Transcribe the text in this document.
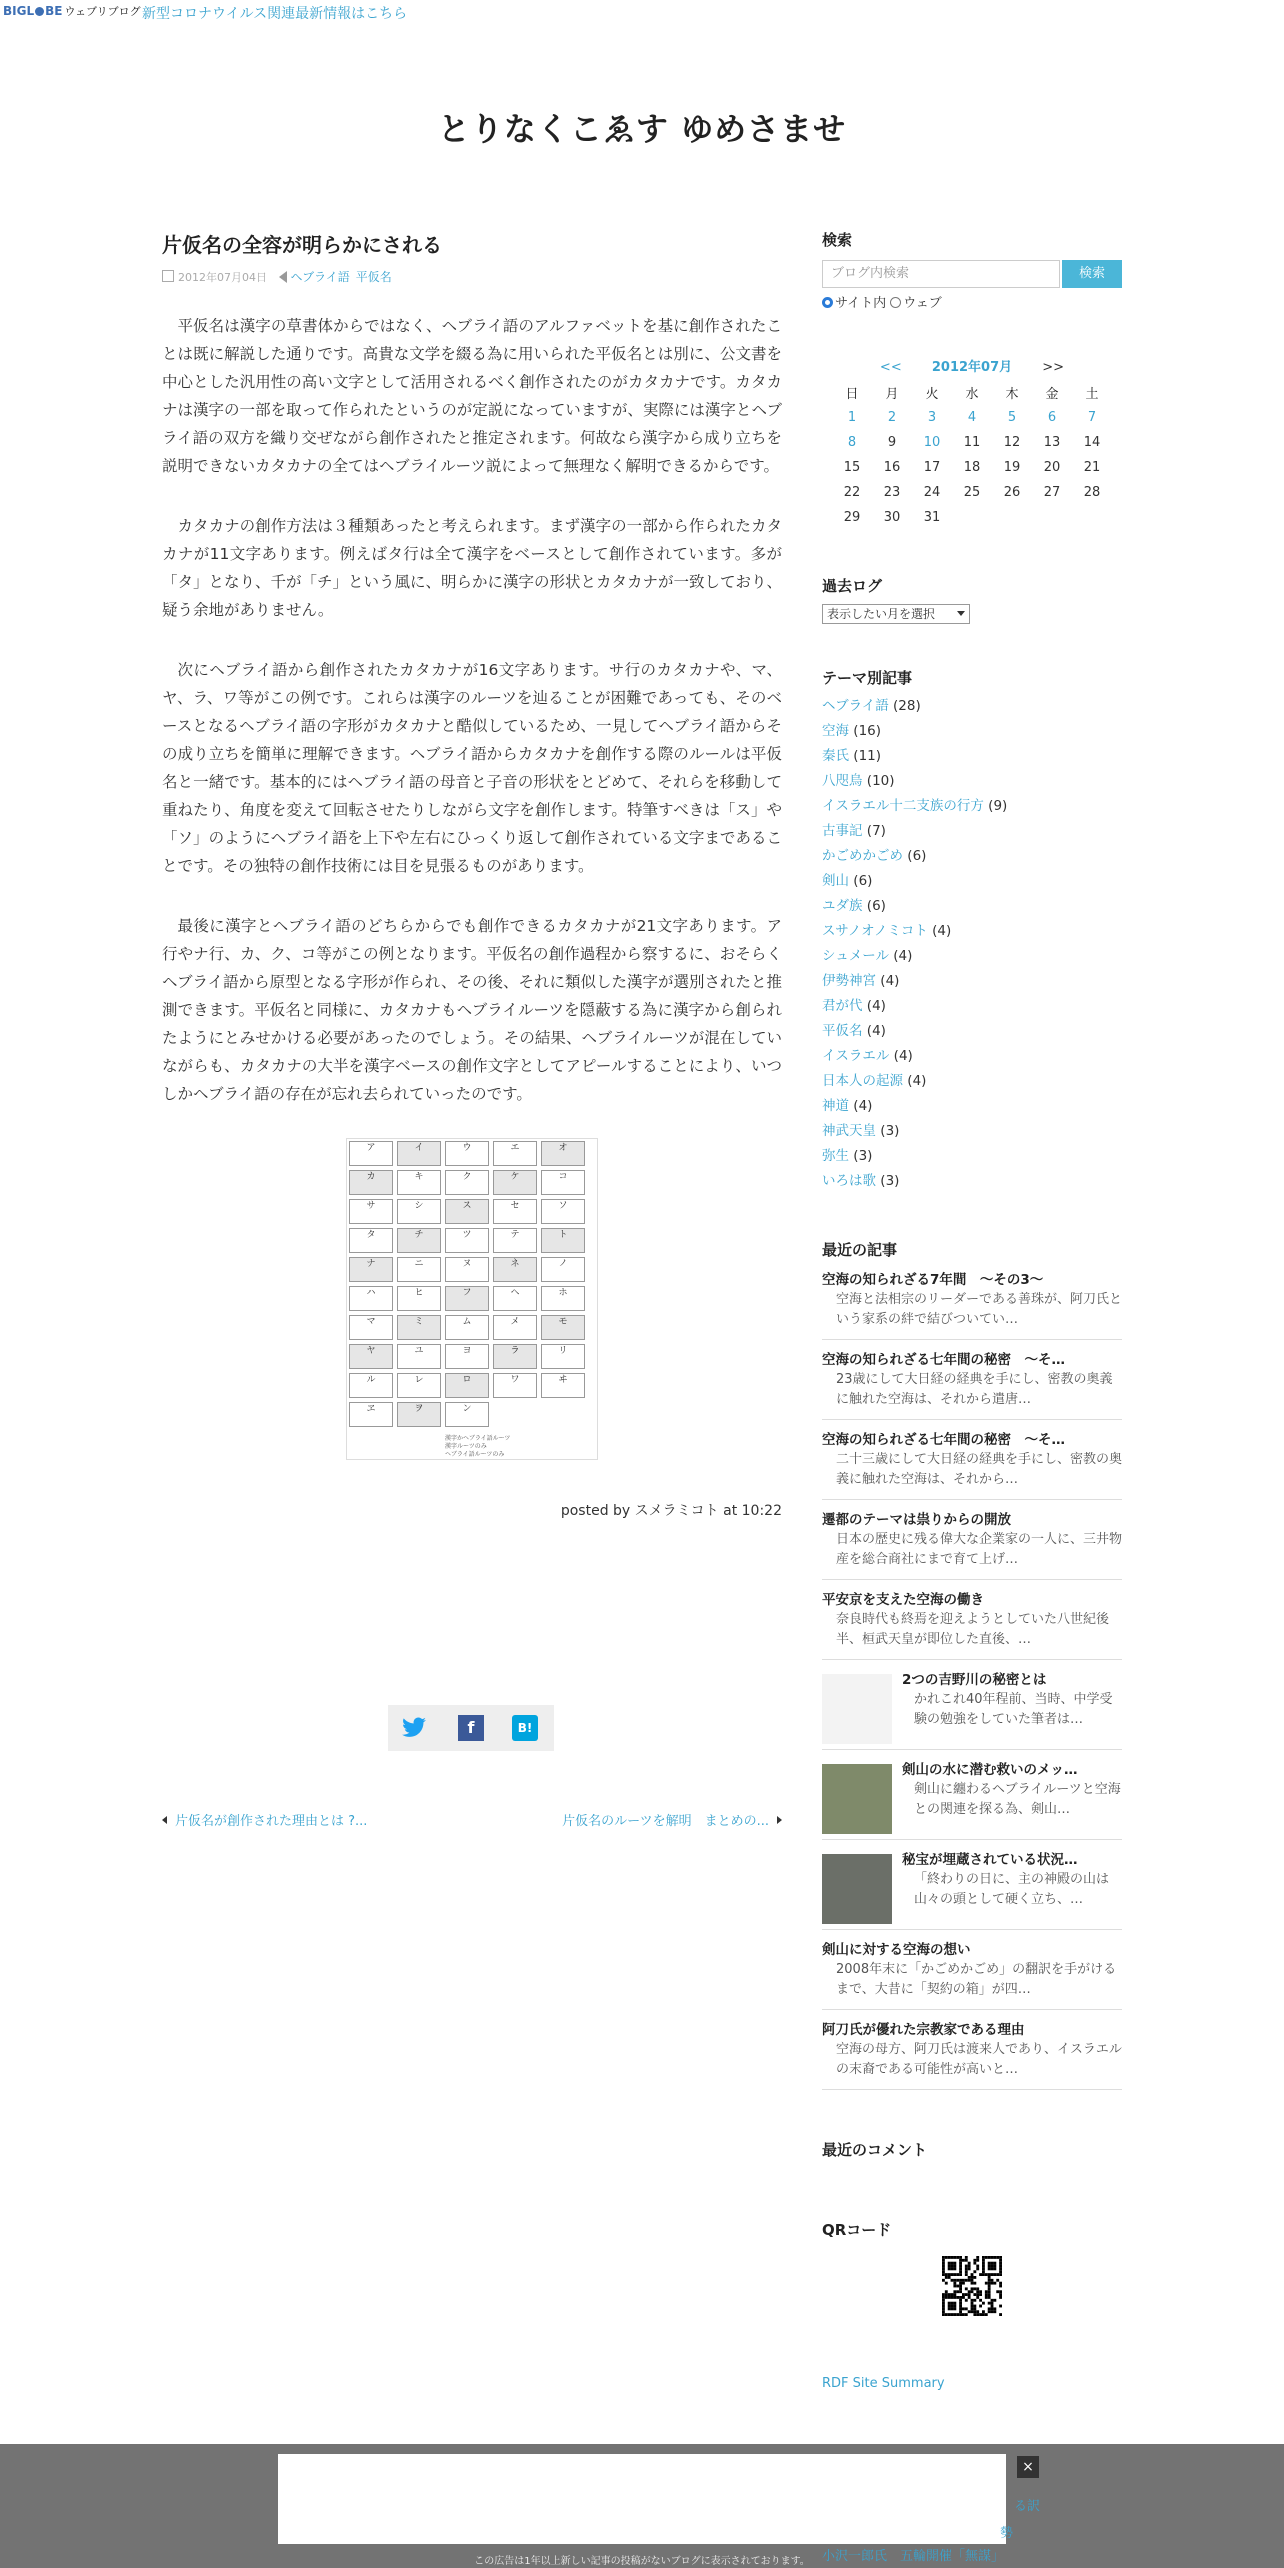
BIGL BE ウェブリブログ 新型コロナウイルス関連最新情報はこちら
とりなくこゑす ゆめさませ
片仮名の全容が明らかにされる
2012年07月04日 ヘブライ語 平仮名

平仮名は漢字の草書体からではなく、ヘブライ語のアルファベットを基に創作されたことは既に解説した通りです。高貴な文学を綴る為に用いられた平仮名とは別に、公文書を中心とした汎用性の高い文字として活用されるべく創作されたのがカタカナです。カタカナは漢字の一部を取って作られたというのが定説になっていますが、実際には漢字とヘブライ語の双方を織り交ぜながら創作されたと推定されます。何故なら漢字から成り立ちを説明できないカタカナの全てはヘブライルーツ説によって無理なく解明できるからです。

カタカナの創作方法は３種類あったと考えられます。まず漢字の一部から作られたカタカナが11文字あります。例えばタ行は全て漢字をベースとして創作されています。多が「タ」となり、千が「チ」という風に、明らかに漢字の形状とカタカナが一致しており、疑う余地がありません。

次にヘブライ語から創作されたカタカナが16文字あります。サ行のカタカナや、マ、ヤ、ラ、ワ等がこの例です。これらは漢字のルーツを辿ることが困難であっても、そのベースとなるヘブライ語の字形がカタカナと酷似しているため、一見してヘブライ語からその成り立ちを簡単に理解できます。ヘブライ語からカタカナを創作する際のルールは平仮名と一緒です。基本的にはヘブライ語の母音と子音の形状をとどめて、それらを移動して重ねたり、角度を変えて回転させたりしながら文字を創作します。特筆すべきは「ス」や「ソ」のようにヘブライ語を上下や左右にひっくり返して創作されている文字まであることです。その独特の創作技術には目を見張るものがあります。

最後に漢字とヘブライ語のどちらからでも創作できるカタカナが21文字あります。ア行やナ行、カ、ク、コ等がこの例となります。平仮名の創作過程から察するに、おそらくヘブライ語から原型となる字形が作られ、その後、それに類似した漢字が選別されたと推測できます。平仮名と同様に、カタカナもヘブライルーツを隠蔽する為に漢字から創られたようにとみせかける必要があったのでしょう。その結果、ヘブライルーツが混在していながらも、カタカナの大半を漢字ベースの創作文字としてアピールすることにより、いつしかヘブライ語の存在が忘れ去られていったのです。

漢字かヘブライ語ルーツ
漢字ルーツのみ
ヘブライ語ルーツのみ
ア	イ	ウ	エ	オ
カ	キ	ク	ケ	コ
サ	シ	ス	セ	ソ
タ	チ	ツ	テ	ト
ナ	ニ	ヌ	ネ	ノ
ハ	ヒ	フ	ヘ	ホ
マ	ミ	ム	メ	モ
ヤ	ユ	ヨ	ラ	リ
ル	レ	ロ	ワ	ヰ
ヱ	ヲ	ン
posted by スメラミコト at 10:22
f	B!
片仮名が創作された理由とは ?...	片仮名のルーツを解明　まとめの...
検索
ブログ内検索	検索
サイト内 ウェブ
<< 2012年07月 >>
日	月	火	水	木	金	土
1	2	3	4	5	6	7
8	9	10	11	12	13	14
15	16	17	18	19	20	21
22	23	24	25	26	27	28
29	30	31				
過去ログ
表示したい月を選択
テーマ別記事
ヘブライ語 (28)
空海 (16)
秦氏 (11)
八咫烏 (10)
イスラエル十二支族の行方 (9)
古事記 (7)
かごめかごめ (6)
剣山 (6)
ユダ族 (6)
スサノオノミコト (4)
シュメール (4)
伊勢神宮 (4)
君が代 (4)
平仮名 (4)
イスラエル (4)
日本人の起源 (4)
神道 (4)
神武天皇 (3)
弥生 (3)
いろは歌 (3)
最近の記事
空海の知られざる7年間　～その3～
空海と法相宗のリーダーである善珠が、阿刀氏という家系の絆で結びついてい…
空海の知られざる七年間の秘密　～そ…
23歳にして大日経の経典を手にし、密教の奥義に触れた空海は、それから遣唐…
空海の知られざる七年間の秘密　～そ…
二十三歳にして大日経の経典を手にし、密教の奥義に触れた空海は、それから…
遷都のテーマは祟りからの開放
日本の歴史に残る偉大な企業家の一人に、三井物産を総合商社にまで育て上げ…
平安京を支えた空海の働き
奈良時代も終焉を迎えようとしていた八世紀後半、桓武天皇が即位した直後、…
2つの吉野川の秘密とは
かれこれ40年程前、当時、中学受験の勉強をしていた筆者は…
剣山の水に潜む救いのメッ…
剣山に纏わるヘブライルーツと空海との関連を探る為、剣山…
秘宝が埋蔵されている状況…
「終わりの日に、主の神殿の山は山々の頭として硬く立ち、…
剣山に対する空海の想い
2008年末に「かごめかごめ」の翻訳を手がけるまで、大昔に「契約の箱」が四…
阿刀氏が優れた宗教家である理由
空海の母方、阿刀氏は渡来人であり、イスラエルの末裔である可能性が高いと…
最近のコメント
QRコード
RDF Site Summary
×
この広告は1年以上新しい記事の投稿がないブログに表示されております。
る訳
勢
小沢一郎氏　五輪開催「無謀」
